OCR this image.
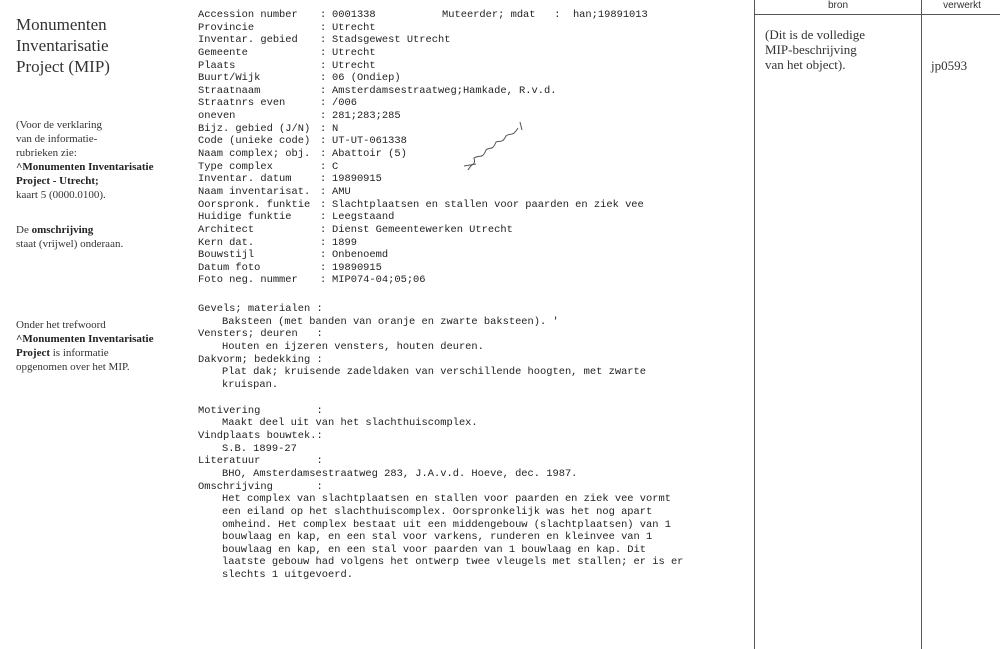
Monumenten
Inventarisatie
Project (MIP)

(Voor de verklaring
van de informatie-
rubrieken zie:
^Monumenten Inventarisatie
Project - Utrecht;
kaart 5 (0000.0100).

De omschrijving
staat (vrijwel) onderaan.

Onder het trefwoord
^Monumenten Inventarisatie
Project is informatie
opgenomen over het MIP.

Accession number	: 0001338	Muteerder; mdat   :  han;19891013
Provincie	: Utrecht
Inventar. gebied	: Stadsgewest Utrecht
Gemeente	: Utrecht
Plaats	: Utrecht
Buurt/Wijk	: 06 (Ondiep)
Straatnaam	: Amsterdamsestraatweg;Hamkade, R.v.d.
Straatnrs even	: /006
oneven	: 281;283;285
Bijz. gebied (J/N) : N
Code (unieke code) : UT-UT-061338
Naam complex; obj. : Abattoir (5)
Type complex	: C
Inventar. datum	: 19890915
Naam inventarisat. : AMU
Oorspronk. funktie : Slachtplaatsen en stallen voor paarden en ziek vee
Huidige funktie	: Leegstaand
Architect	: Dienst Gemeentewerken Utrecht
Kern dat.	: 1899
Bouwstijl	: Onbenoemd
Datum foto	: 19890915
Foto neg. nummer	: MIP074-04;05;06
Gevels; materialen :
Baksteen (met banden van oranje en zwarte baksteen). '
Vensters; deuren   :
Houten en ijzeren vensters, houten deuren.
Dakvorm; bedekking :
Plat dak; kruisende zadeldaken van verschillende hoogten, met zwarte
kruispan.
Motivering         :
Maakt deel uit van het slachthuiscomplex.
Vindplaats bouwtek.:
S.B. 1899-27
Literatuur         :
BHO, Amsterdamsestraatweg 283, J.A.v.d. Hoeve, dec. 1987.
Omschrijving       :
Het complex van slachtplaatsen en stallen voor paarden en ziek vee vormt
een eiland op het slachthuiscomplex. Oorspronkelijk was het nog apart
omheind. Het complex bestaat uit een middengebouw (slachtplaatsen) van 1
bouwlaag en kap, en een stal voor varkens, runderen en kleinvee van 1
bouwlaag en kap, en een stal voor paarden van 1 bouwlaag en kap. Dit
laatste gebouw had volgens het ontwerp twee vleugels met stallen; er is er
slechts 1 uitgevoerd.
bron	verwerkt
(Dit is de volledige
MIP-beschrijving
van het object).	jp0593
